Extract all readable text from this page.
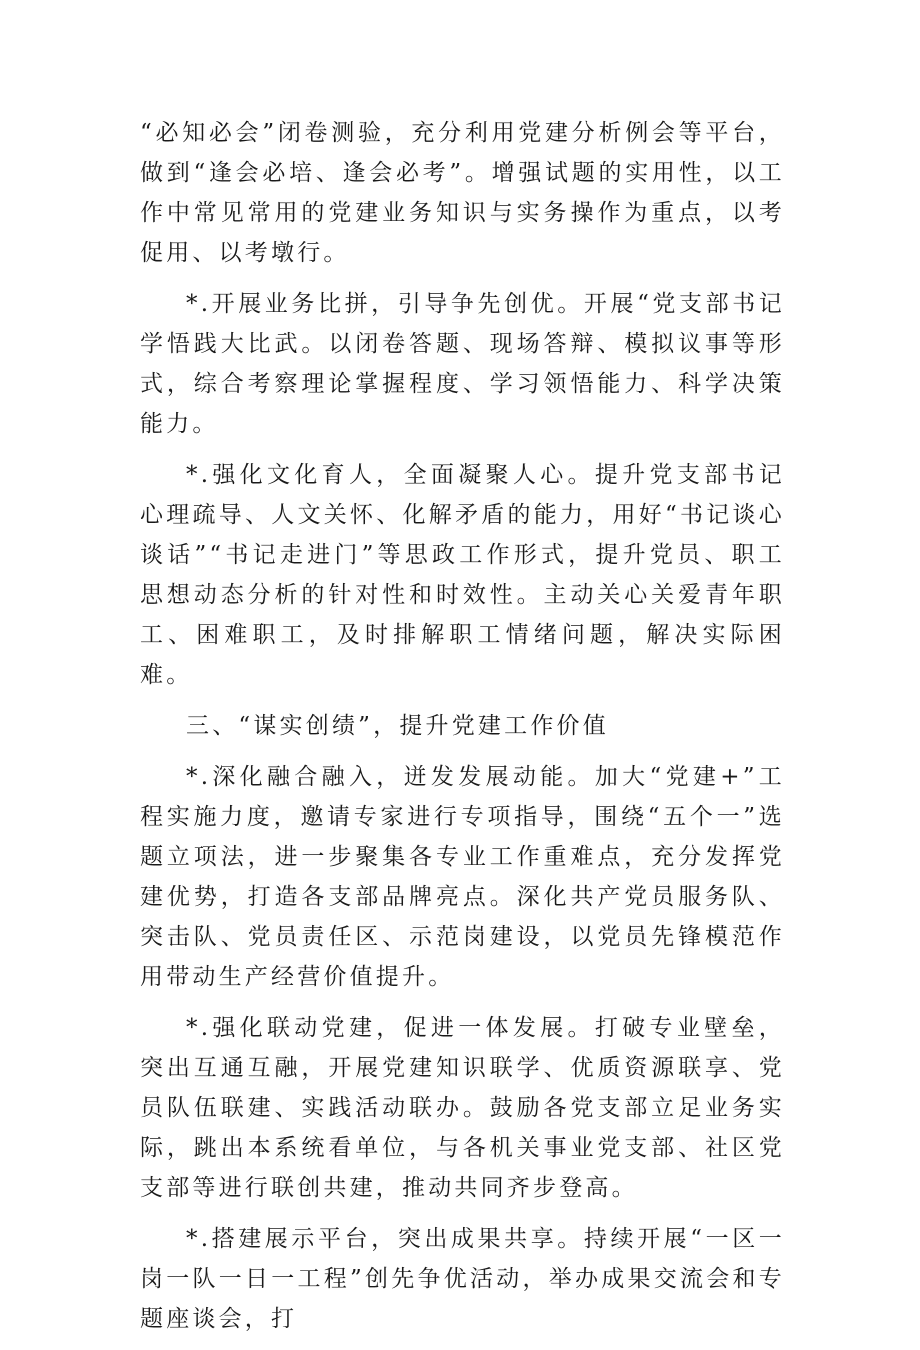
“必知必会”闭卷测验，充分利用党建分析例会等平台，做到“逢会必培、逢会必考”。增强试题的实用性，以工作中常见常用的党建业务知识与实务操作为重点，以考促用、以考墩行。

*.开展业务比拼，引导争先创优。开展“党支部书记学悟践大比武。以闭卷答题、现场答辩、模拟议事等形式，综合考察理论掌握程度、学习领悟能力、科学决策能力。

*.强化文化育人，全面凝聚人心。提升党支部书记心理疏导、人文关怀、化解矛盾的能力，用好“书记谈心谈话”“书记走进门”等思政工作形式，提升党员、职工思想动态分析的针对性和时效性。主动关心关爱青年职工、困难职工，及时排解职工情绪问题，解决实际困难。

三、“谋实创绩”，提升党建工作价值

*.深化融合融入，迸发发展动能。加大“党建+”工程实施力度，邀请专家进行专项指导，围绕“五个一”选题立项法，进一步聚集各专业工作重难点，充分发挥党建优势，打造各支部品牌亮点。深化共产党员服务队、突击队、党员责任区、示范岗建设，以党员先锋模范作用带动生产经营价值提升。

*.强化联动党建，促进一体发展。打破专业壁垒，突出互通互融，开展党建知识联学、优质资源联享、党员队伍联建、实践活动联办。鼓励各党支部立足业务实际，跳出本系统看单位，与各机关事业党支部、社区党支部等进行联创共建，推动共同齐步登高。

*.搭建展示平台，突出成果共享。持续开展“一区一岗一队一日一工程”创先争优活动，举办成果交流会和专题座谈会，打
